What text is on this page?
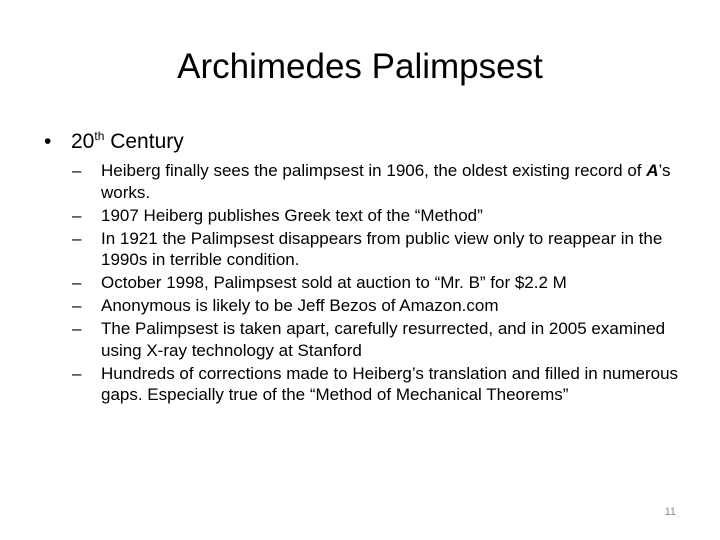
Archimedes Palimpsest
• 20th Century
–	Heiberg finally sees the palimpsest in 1906, the oldest existing record of A’s works.
–	1907 Heiberg publishes Greek text of the “Method”
–	In 1921 the Palimpsest disappears from public view only to reappear in the 1990s in terrible condition.
–	October 1998, Palimpsest sold at auction to “Mr. B” for $2.2 M
–	Anonymous is likely to be Jeff Bezos of Amazon.com
–	The Palimpsest is taken apart, carefully resurrected, and in 2005 examined using X-ray technology at Stanford
–	Hundreds of corrections made to Heiberg’s translation and filled in numerous gaps. Especially true of the “Method of Mechanical Theorems”
11
